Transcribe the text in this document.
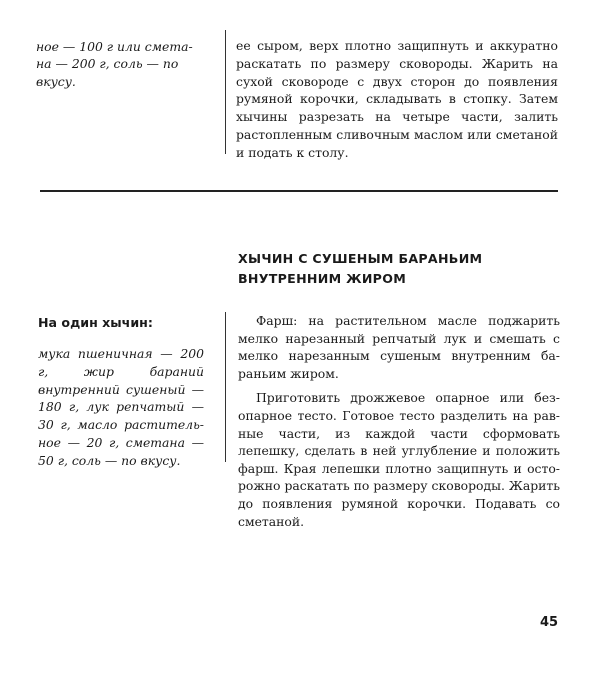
ное — 100 г или смета-на — 200 г, соль — по вкусу.

ее сыром, верх плотно защипнуть и аккуратно раскатать по размеру сковороды. Жарить на сухой сковороде с двух сторон до появления румяной корочки, складывать в стопку. Затем хычины разрезать на четыре части, залить растопленным сливочным маслом или сметаной и подать к столу.

ХЫЧИН С СУШЕНЫМ БАРАНЬИМ ВНУТРЕННИМ ЖИРОМ

На один хычин:

мука пшеничная — 200 г, жир бараний внутренний сушеный — 180 г, лук репчатый — 30 г, масло раститель-ное — 20 г, сметана — 50 г, соль — по вкусу.

Фарш: на растительном масле поджарить мелко нарезанный репчатый лук и смешать с мелко нарезанным сушеным внутренним ба-раньим жиром.

Приготовить дрожжевое опарное или без-опарное тесто. Готовое тесто разделить на рав-ные части, из каждой части сформовать лепешку, сделать в ней углубление и положить фарш. Края лепешки плотно защипнуть и осто-рожно раскатать по размеру сковороды. Жарить до появления румяной корочки. Подавать со сметаной.

45
